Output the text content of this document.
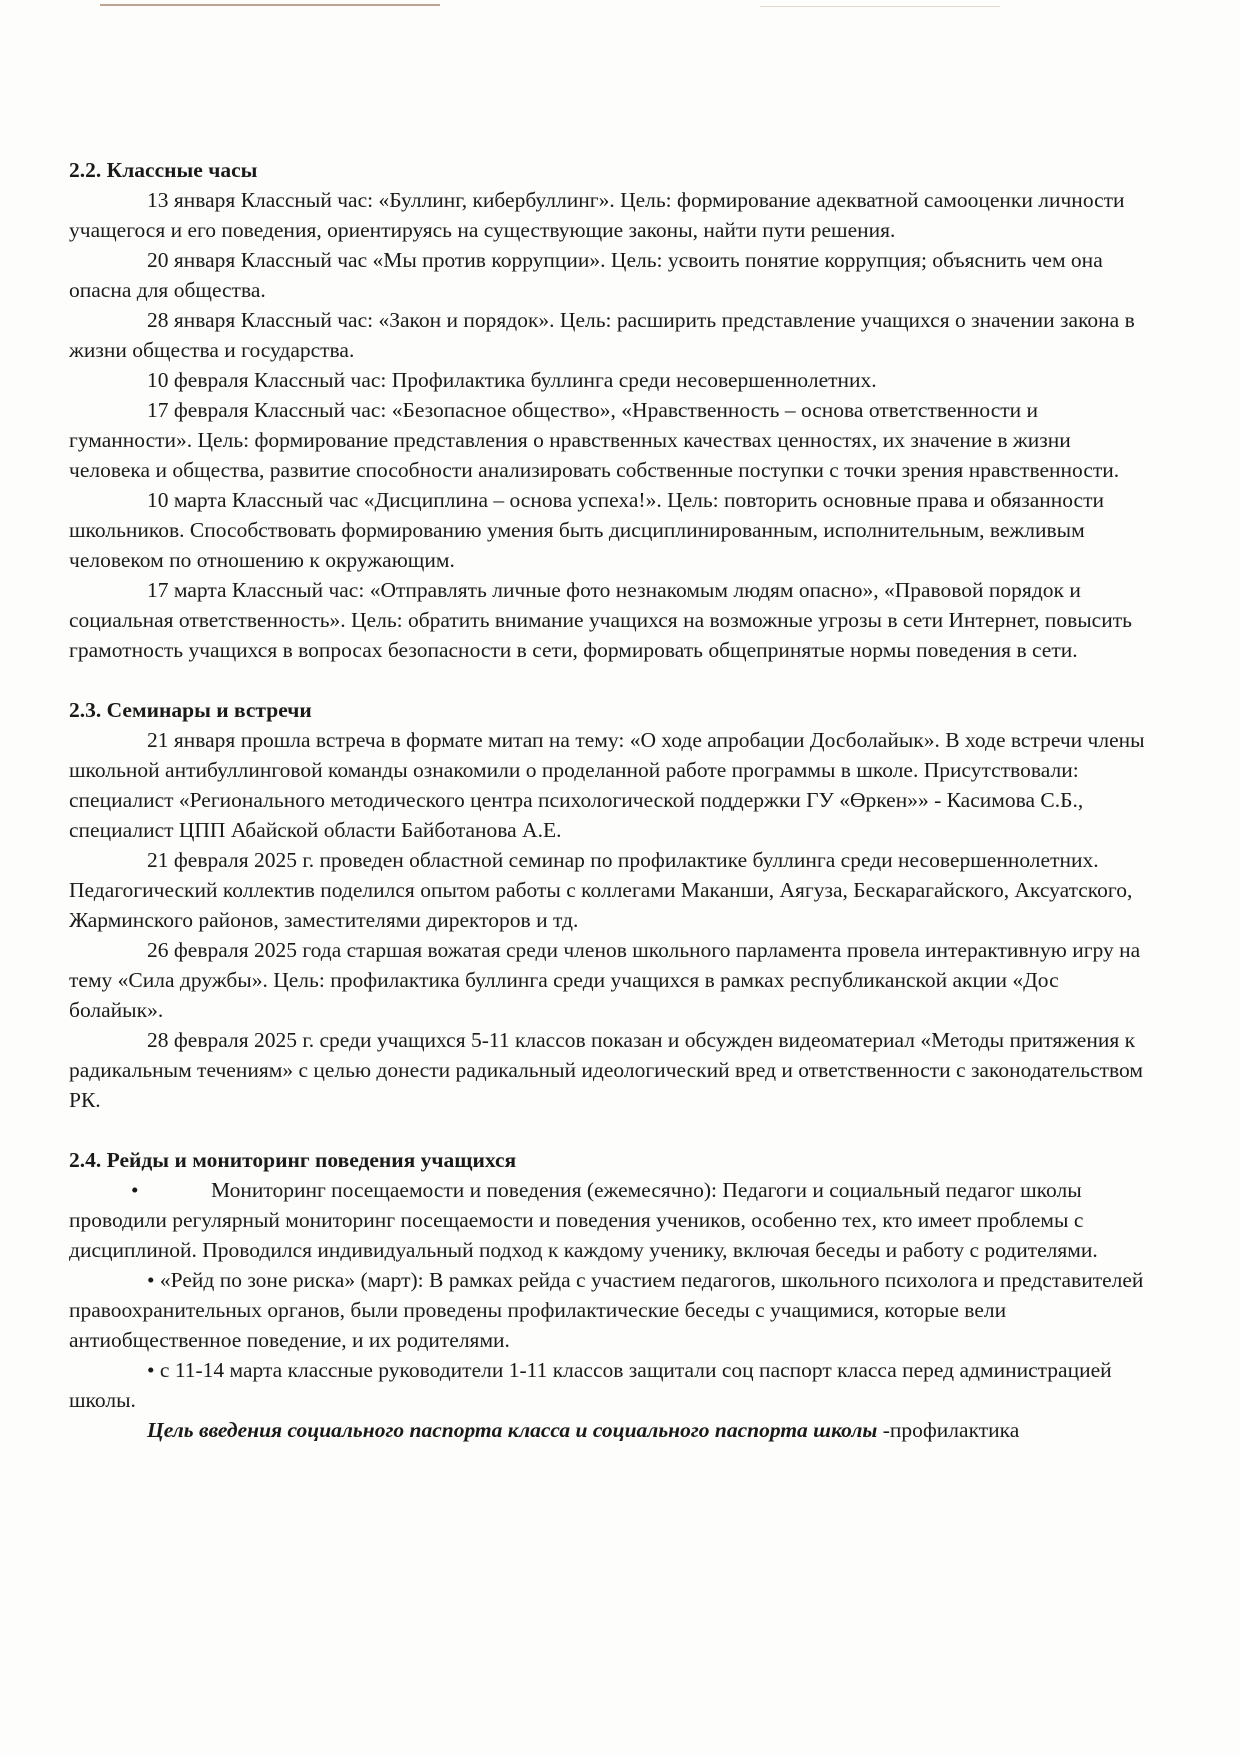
2.2. Классные часы

13 января Классный час: «Буллинг, кибербуллинг». Цель: формирование адекватной самооценки личности учащегося и его поведения, ориентируясь на существующие законы, найти пути решения.

20 января Классный час «Мы против коррупции». Цель: усвоить понятие коррупция; объяснить чем она опасна для общества.

28 января Классный час: «Закон и порядок». Цель: расширить представление учащихся о значении закона в жизни общества и государства.

10 февраля Классный час: Профилактика буллинга среди несовершеннолетних.

17 февраля Классный час: «Безопасное общество», «Нравственность – основа ответственности и гуманности». Цель: формирование представления о нравственных качествах ценностях, их значение в жизни человека и общества, развитие способности анализировать собственные поступки с точки зрения нравственности.

10 марта Классный час «Дисциплина – основа успеха!». Цель: повторить основные права и обязанности школьников. Способствовать формированию умения быть дисциплинированным, исполнительным, вежливым человеком по отношению к окружающим.

17 марта Классный час: «Отправлять личные фото незнакомым людям опасно», «Правовой порядок и социальная ответственность». Цель: обратить внимание учащихся на возможные угрозы в сети Интернет, повысить грамотность учащихся в вопросах безопасности в сети, формировать общепринятые нормы поведения в сети.

2.3. Семинары и встречи

21 января прошла встреча в формате митап на тему: «О ходе апробации Досболайык». В ходе встречи члены школьной антибуллинговой команды ознакомили о проделанной работе программы в школе. Присутствовали: специалист «Регионального методического центра психологической поддержки ГУ «Өркен»» - Касимова С.Б., специалист ЦПП Абайской области Байботанова А.Е.

21 февраля 2025 г. проведен областной семинар по профилактике буллинга среди несовершеннолетних. Педагогический коллектив поделился опытом работы с коллегами Маканши, Аягуза, Бескарагайского, Аксуатского, Жарминского районов, заместителями директоров и тд.

26 февраля 2025 года старшая вожатая среди членов школьного парламента провела интерактивную игру на тему «Сила дружбы». Цель: профилактика буллинга среди учащихся в рамках республиканской акции «Дос болайык».

28 февраля 2025 г. среди учащихся 5-11 классов показан и обсужден видеоматериал «Методы притяжения к радикальным течениям» с целью донести радикальный идеологический вред и ответственности с законодательством РК.

2.4. Рейды и мониторинг поведения учащихся

•	Мониторинг посещаемости и поведения (ежемесячно): Педагоги и социальный педагог школы проводили регулярный мониторинг посещаемости и поведения учеников, особенно тех, кто имеет проблемы с дисциплиной. Проводился индивидуальный подход к каждому ученику, включая беседы и работу с родителями.

• «Рейд по зоне риска» (март): В рамках рейда с участием педагогов, школьного психолога и представителей правоохранительных органов, были проведены профилактические беседы с учащимися, которые вели антиобщественное поведение, и их родителями.

• с 11-14 марта классные руководители 1-11 классов защитали соц паспорт класса перед администрацией школы.

Цель введения социального паспорта класса и социального паспорта школы -профилактика
